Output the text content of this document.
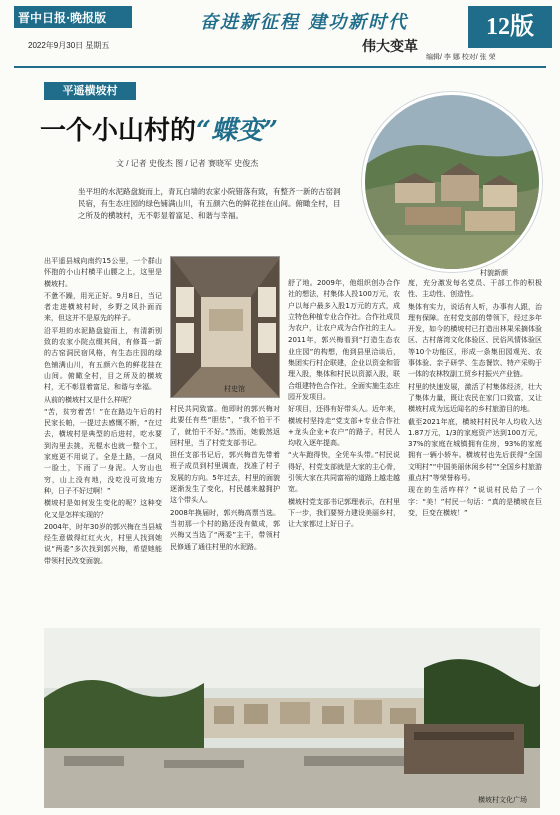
晋中日报·晚报版
2022年9月30日 星期五
奋进新征程 建功新时代
伟大变革
12版
编辑/ 李 娜 校对/ 张 荣
平遥横坡村
一个小山村的“蝶变”
文 / 记者 史俊杰 图 / 记者 赛晓军 史俊杰
村貌新颜
坐平坦的水泥路盘旋而上，青瓦白墙的农家小院错落有致，有整齐一新的古窑洞民宿，有生态庄园的绿色铺满山川，有五颜六色的鲜花挂在山间。俯瞰全村，目之所及的横坡村，无不彰显着富足、和谐与幸福。

出平遥县城向南约15公里，一个群山怀抱的小山村横平山腰之上，这里是横坡村。

不惫不躁，用光正好。9月8日，当记者走进横坡村时，乡野之风扑面而来，但这并不是原先的样子。

沿平坦的水泥路盘旋而上，有清新别致的农家小院点缀其间，有修葺一新的古窑洞民宿风格，有生态庄园的绿色铺满山川，有五颜六色的鲜花挂在山间。俯瞰全村，目之所及的横坡村，无不彰显着富足、和谐与幸福。

从前的横坡村又是什么样呢？

“苦，贫穷着苦！”在在路边午后的村民家长帕，一提过去感慨不断，“在过去，横坡村是典型的后进村，吃水要到沟里去挑，光棍水也就一整个工，家庭更不用说了。全是土路，一刮风一脸土，下雨了一身泥。人穷山也穷，山上没有地，没吃没可致地方种，日子不好过啊！”

横坡村是如何发生变化的呢？这种变化又是怎样实现的？

2004年，时年30岁的郭兴梅在当县城经生意做得红红火火，村里人找到她说“两委”多次找到郭兴梅，希望她能带领村民改变面貌。

村史馆

村民共同致富。他即时的郭兴梅对此要任有些“胆怯”，“我不怕干不了，就怕干不好。”然而，她毅然返回村里，当了村党支部书记。

担任支部书记后，郭兴梅首先带着班子成员到村里调查，找准了村子发展的方向。5年过去，村里的面貌逐渐发生了变化，村民越来越拥护这个带头人。

2008年换届时，郭兴梅高票当选。当初那一个村的路还没有做成，郭兴梅又当选了“两委”主干，带领村民修通了通往村里的水泥路。

舒了地。2009年，他组织创办合作社的想法，村集体人投100万元，农户以每户最多入股1万元的方式，成立特色种植专业合作社。合作社成员为农户，让农户成为合作社的主人。

2011年，郭兴梅看到“打造生态农业庄园”的构想，他到县里洽谈后，集团实行村企联建，企业以资金和管理入股，集体和村民以资源入股，联合组建特色合作社，全面实施生态庄园开发项目。

好项目，还得有好带头人。近年来，横坡村坚持走“党支部+专业合作社+龙头企业+农户”的路子，村民人均收入逐年提高。

“火车跑得快，全凭车头带。”村民说得好，村党支部就是大家的主心骨，引领大家在共同富裕的道路上越走越宽。

横坡村党支部书记郭理表示，在村里下一步，我们要努力建设美丽乡村，让大家都过上好日子。

度，充分激发每名党员、干部工作的积极性、主动性、创造性。

集体有实力，说话有人听，办事有人跟，治理有保障。在村党支部的带领下，经过多年开发，如今的横坡村已打造出林果采摘体验区、古村落湾文化体验区、民俗风情体验区等10个功能区，形成一条集田园观光、农事体验、亲子研学、生态餐饮、特产采购于一体的农林牧副工贸乡村振兴产业链。

村里的快速发展，激活了村集体经济，壮大了集体力量，既让农民在家门口致富，又让横坡村成为远近闻名的乡村旅游目的地。

截至2021年底，横坡村村民年人均收入达1.87万元，1/3的家庭资产达到100万元，37%的家庭在城镇拥有住房，93%的家庭拥有一辆小轿车。横坡村也先后获得“全国文明村”“中国美丽休闲乡村”“全国乡村旅游重点村”等荣誉称号。

现在的生活咋样？”说说村民给了一个字：“美！”村民一句话：“真的是横坡在巨变，巨变在横坡！”

横坡村文化广场
